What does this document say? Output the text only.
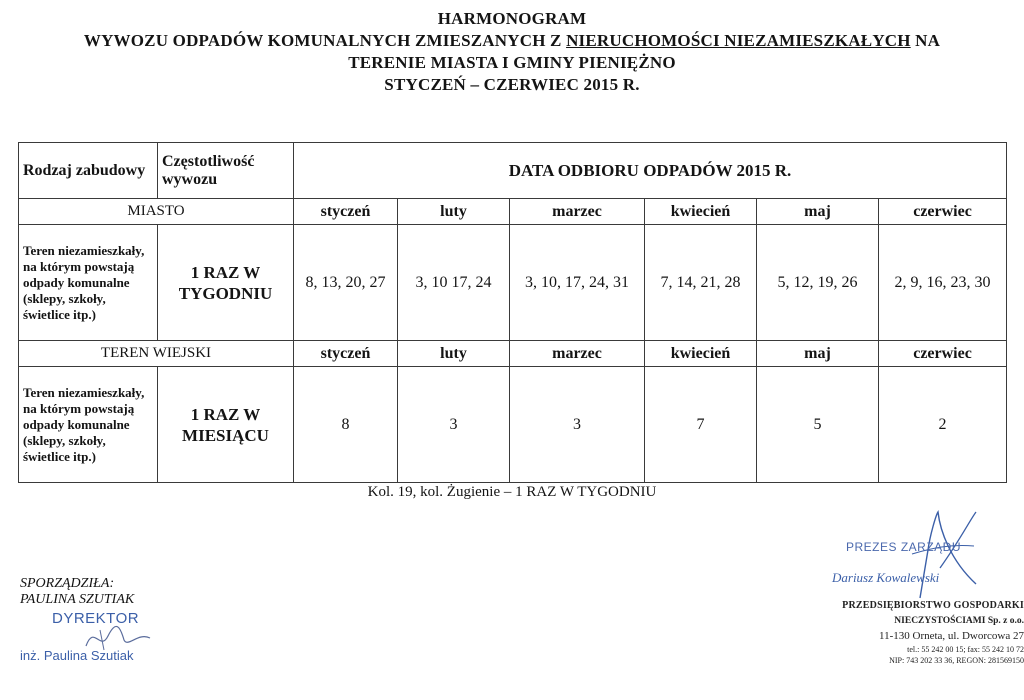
HARMONOGRAM
WYWOZU ODPADÓW KOMUNALNYCH ZMIESZANYCH Z NIERUCHOMOŚCI NIEZAMIESZKAŁYCH NA
TERENIE MIASTA I GMINY PIENIĘŻNO
STYCZEŃ – CZERWIEC 2015 R.
Rodzaj zabudowy	Częstotliwość wywozu	DATA ODBIORU ODPADÓW 2015 R.					
MIASTO		styczeń	luty	marzec	kwiecień	maj	czerwiec
Teren niezamieszkały, na którym powstają odpady komunalne (sklepy, szkoły, świetlice itp.)	1 RAZ W TYGODNIU	8, 13, 20, 27	3, 10 17, 24	3, 10, 17, 24, 31	7, 14, 21, 28	5, 12, 19, 26	2, 9, 16, 23, 30
TEREN WIEJSKI		styczeń	luty	marzec	kwiecień	maj	czerwiec
Teren niezamieszkały, na którym powstają odpady komunalne (sklepy, szkoły, świetlice itp.)	1 RAZ W MIESIĄCU	8	3	3	7	5	2
Kol. 19, kol. Żugienie – 1 RAZ W TYGODNIU
SPORZĄDZIŁA:
PAULINA SZUTIAK
DYREKTOR
inż. Paulina Szutiak
PREZES ZARZĄDU
Dariusz Kowalewski
PRZEDSIĘBIORSTWO GOSPODARKI
NIECZYSTOŚCIAMI Sp. z o.o.
11-130 Orneta, ul. Dworcowa 27
tel.: 55 242 00 15; fax: 55 242 10 72
NIP: 743 202 33 36, REGON: 281569150
